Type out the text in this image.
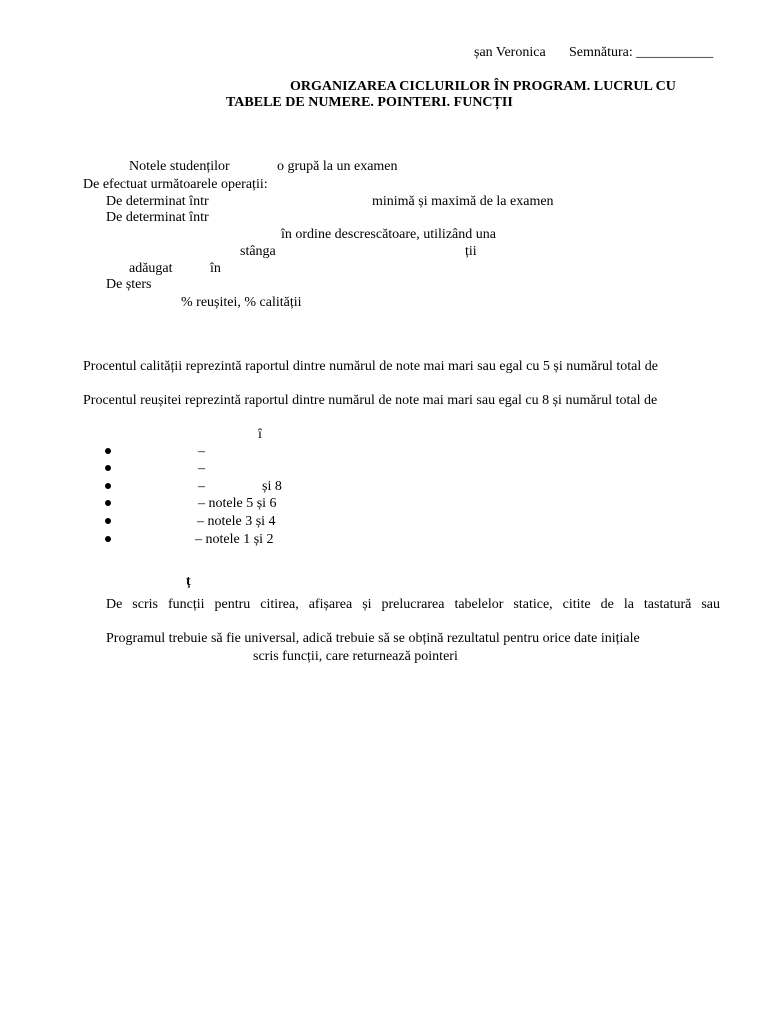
șan Veronica Semnătura: ___________
ORGANIZAREA CICLURILOR ÎN PROGRAM. LUCRUL CU
TABELE DE NUMERE. POINTERI. FUNCȚII
Notele studenților	o grupă la un examen
De efectuat următoarele operații:
De determinat într	minimă și maximă de la examen
De determinat într
în ordine descrescătoare, utilizând una
stânga	ții
adăugat	în
De șters
% reușitei, % calității
Procentul calității reprezintă raportul dintre numărul de note mai mari sau egal cu 5 și numărul total de
Procentul reușitei reprezintă raportul dintre numărul de note mai mari sau egal cu 8 și numărul total de
î
–
–
–	și 8
– notele 5 și 6
– notele 3 și 4
– notele 1 și 2
ț
De scris funcții pentru citirea, afișarea și prelucrarea tabelelor statice, citite de la tastatură sau
Programul trebuie să fie universal, adică trebuie să se obțină rezultatul pentru orice date inițiale
scris funcții, care returnează pointeri
